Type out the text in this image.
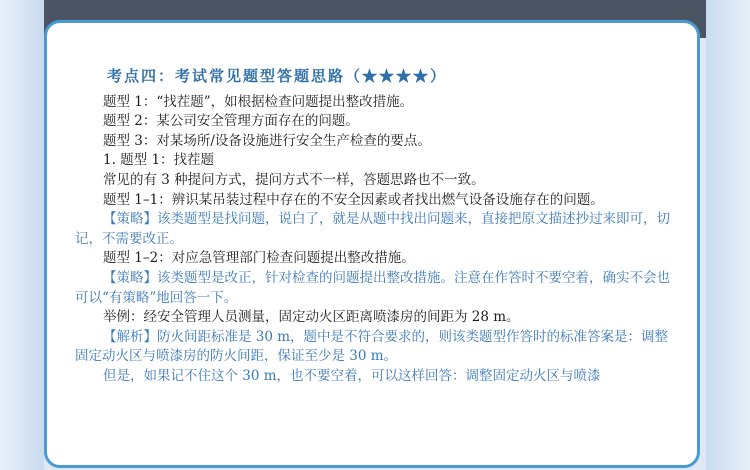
考点四：考试常见题型答题思路（★★★★）

题型 1：“找茬题”，如根据检查问题提出整改措施。

题型 2：某公司安全管理方面存在的问题。

题型 3：对某场所/设备设施进行安全生产检查的要点。

1. 题型 1：找茬题

常见的有 3 种提问方式，提问方式不一样，答题思路也不一致。

题型 1–1：辨识某吊装过程中存在的不安全因素或者找出燃气设备设施存在的问题。

【策略】该类题型是找问题，说白了，就是从题中找出问题来，直接把原文描述抄过来即可，切记，不需要改正。

题型 1–2：对应急管理部门检查问题提出整改措施。

【策略】该类题型是改正，针对检查的问题提出整改措施。注意在作答时不要空着，确实不会也可以“有策略”地回答一下。

举例：经安全管理人员测量，固定动火区距离喷漆房的间距为 28 m。

【解析】防火间距标准是 30 m，题中是不符合要求的，则该类题型作答时的标准答案是：调整固定动火区与喷漆房的防火间距，保证至少是 30 m。

但是，如果记不住这个 30 m，也不要空着，可以这样回答：调整固定动火区与喷漆
